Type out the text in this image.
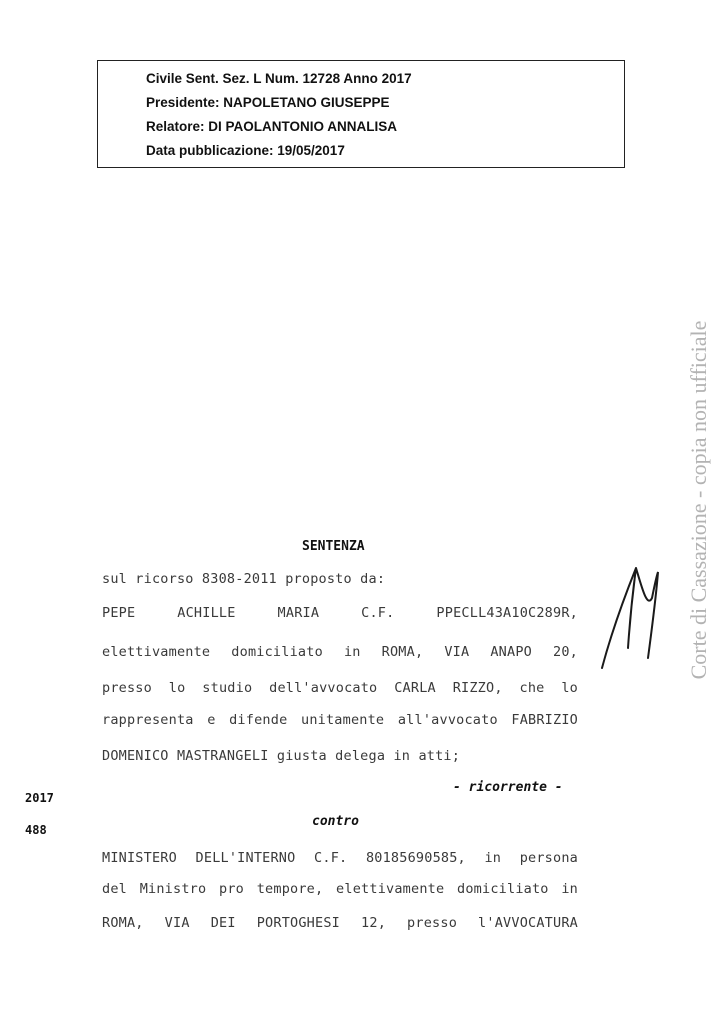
Civile Sent. Sez. L Num. 12728 Anno 2017
Presidente: NAPOLETANO GIUSEPPE
Relatore: DI PAOLANTONIO ANNALISA
Data pubblicazione: 19/05/2017
Corte di Cassazione - copia non ufficiale
SENTENZA
sul ricorso 8308-2011 proposto da:
PEPE ACHILLE MARIA C.F. PPECLL43A10C289R,
elettivamente domiciliato in ROMA, VIA ANAPO 20,
presso lo studio dell'avvocato CARLA RIZZO, che lo
rappresenta e difende unitamente all'avvocato FABRIZIO
DOMENICO MASTRANGELI giusta delega in atti;
- ricorrente -
2017
488
contro
MINISTERO DELL'INTERNO C.F. 80185690585, in persona
del Ministro pro tempore, elettivamente domiciliato in
ROMA, VIA DEI PORTOGHESI 12, presso l'AVVOCATURA
